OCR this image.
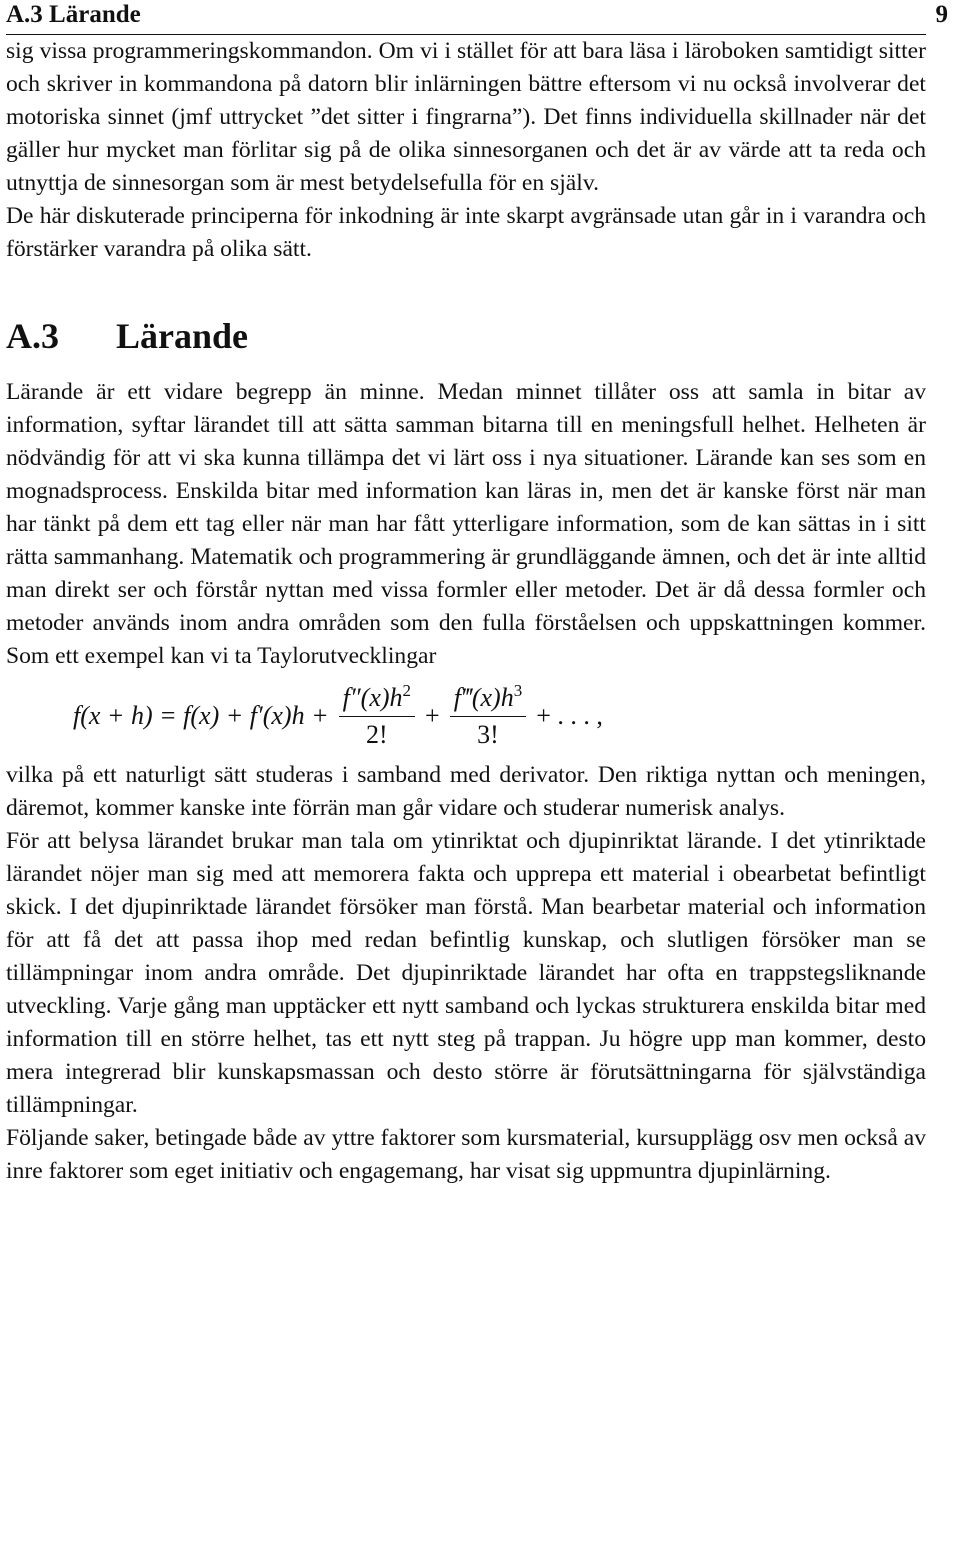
A.3 Lärande	9

sig vissa programmeringskommandon. Om vi i stället för att bara läsa i läroboken samtidigt sitter och skriver in kommandona på datorn blir inlärningen bättre eftersom vi nu också involverar det motoriska sinnet (jmf uttrycket ”det sitter i fingrarna”). Det finns individuella skillnader när det gäller hur mycket man förlitar sig på de olika sinnesorganen och det är av värde att ta reda och utnyttja de sinnesorgan som är mest betydelsefulla för en själv.

De här diskuterade principerna för inkodning är inte skarpt avgränsade utan går in i varandra och förstärker varandra på olika sätt.

A.3 Lärande

Lärande är ett vidare begrepp än minne. Medan minnet tillåter oss att samla in bitar av information, syftar lärandet till att sätta samman bitarna till en meningsfull helhet. Helheten är nödvändig för att vi ska kunna tillämpa det vi lärt oss i nya situationer. Lärande kan ses som en mognadsprocess. Enskilda bitar med information kan läras in, men det är kanske först när man har tänkt på dem ett tag eller när man har fått ytterligare information, som de kan sättas in i sitt rätta sammanhang. Matematik och programmering är grundläggande ämnen, och det är inte alltid man direkt ser och förstår nyttan med vissa formler eller metoder. Det är då dessa formler och metoder används inom andra områden som den fulla förståelsen och uppskattningen kommer. Som ett exempel kan vi ta Taylorutvecklingar

$f(x + h) = f(x) + f'(x)h + \frac{f''(x)h^2}{2!} + \frac{f‴(x)h^3}{3!}$ + . . . ,

vilka på ett naturligt sätt studeras i samband med derivator. Den riktiga nyttan och meningen, däremot, kommer kanske inte förrän man går vidare och studerar numerisk analys.

För att belysa lärandet brukar man tala om ytinriktat och djupinriktat lärande. I det ytinriktade lärandet nöjer man sig med att memorera fakta och upprepa ett material i obearbetat befintligt skick. I det djupinriktade lärandet försöker man förstå. Man bearbetar material och information för att få det att passa ihop med redan befintlig kunskap, och slutligen försöker man se tillämpningar inom andra område. Det djupinriktade lärandet har ofta en trappstegsliknande utveckling. Varje gång man upptäcker ett nytt samband och lyckas strukturera enskilda bitar med information till en större helhet, tas ett nytt steg på trappan. Ju högre upp man kommer, desto mera integrerad blir kunskapsmassan och desto större är förutsättningarna för självständiga tillämpningar.

Följande saker, betingade både av yttre faktorer som kursmaterial, kursupplägg osv men också av inre faktorer som eget initiativ och engagemang, har visat sig uppmuntra djupinlärning.
